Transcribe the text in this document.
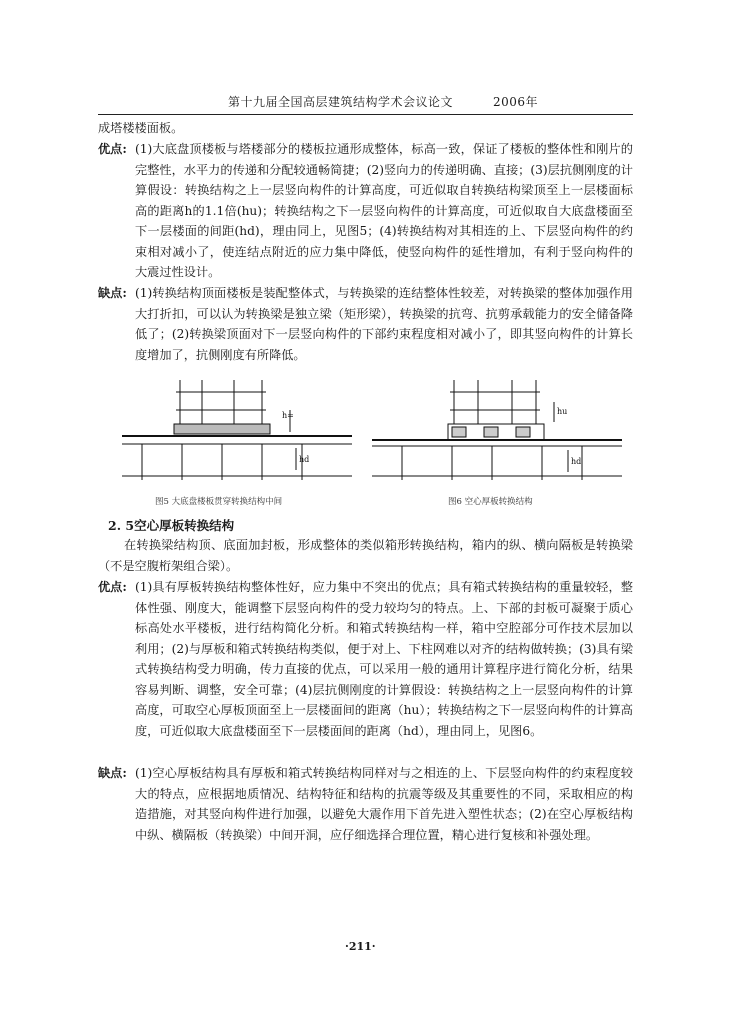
第十九届全国高层建筑结构学术会议论文	2006年
成塔楼楼面板。
优点: (1)大底盘顶楼板与塔楼部分的楼板拉通形成整体，标高一致，保证了楼板的整体性和刚片的完整性，水平力的传递和分配较通畅简捷；(2)竖向力的传递明确、直接；(3)层抗侧刚度的计算假设：转换结构之上一层竖向构件的计算高度，可近似取自转换结构梁顶至上一层楼面标高的距离h的1.1倍(hu)；转换结构之下一层竖向构件的计算高度，可近似取自大底盘楼面至下一层楼面的间距(hd)，理由同上，见图5；(4)转换结构对其相连的上、下层竖向构件的约束相对减小了，使连结点附近的应力集中降低，使竖向构件的延性增加，有利于竖向构件的大震过性设计。
缺点: (1)转换结构顶面楼板是装配整体式，与转换梁的连结整体性较差，对转换梁的整体加强作用大打折扣，可以认为转换梁是独立梁（矩形梁），转换梁的抗弯、抗剪承载能力的安全储备降低了；(2)转换梁顶面对下一层竖向构件的下部约束程度相对减小了，即其竖向构件的计算长度增加了，抗侧刚度有所降低。
h=
hd
图5 大底盘楼板贯穿转换结构中间
hu
hd
图6 空心厚板转换结构
2. 5空心厚板转换结构
在转换梁结构顶、底面加封板，形成整体的类似箱形转换结构，箱内的纵、横向隔板是转换梁（不是空腹桁架组合梁）。
优点: (1)具有厚板转换结构整体性好，应力集中不突出的优点；具有箱式转换结构的重量较轻，整体性强、刚度大，能调整下层竖向构件的受力较均匀的特点。上、下部的封板可凝聚于质心标高处水平楼板，进行结构简化分析。和箱式转换结构一样，箱中空腔部分可作技术层加以利用；(2)与厚板和箱式转换结构类似，便于对上、下柱网难以对齐的结构做转换；(3)具有梁式转换结构受力明确，传力直接的优点，可以采用一般的通用计算程序进行简化分析，结果容易判断、调整，安全可靠；(4)层抗侧刚度的计算假设：转换结构之上一层竖向构件的计算高度，可取空心厚板顶面至上一层楼面间的距离（hu）；转换结构之下一层竖向构件的计算高度，可近似取大底盘楼面至下一层楼面间的距离（hd），理由同上，见图6。
缺点: (1)空心厚板结构具有厚板和箱式转换结构同样对与之相连的上、下层竖向构件的约束程度较大的特点，应根据地质情况、结构特征和结构的抗震等级及其重要性的不同，采取相应的构造措施，对其竖向构件进行加强，以避免大震作用下首先进入塑性状态；(2)在空心厚板结构中纵、横隔板（转换梁）中间开洞，应仔细选择合理位置，精心进行复核和补强处理。
·211·
